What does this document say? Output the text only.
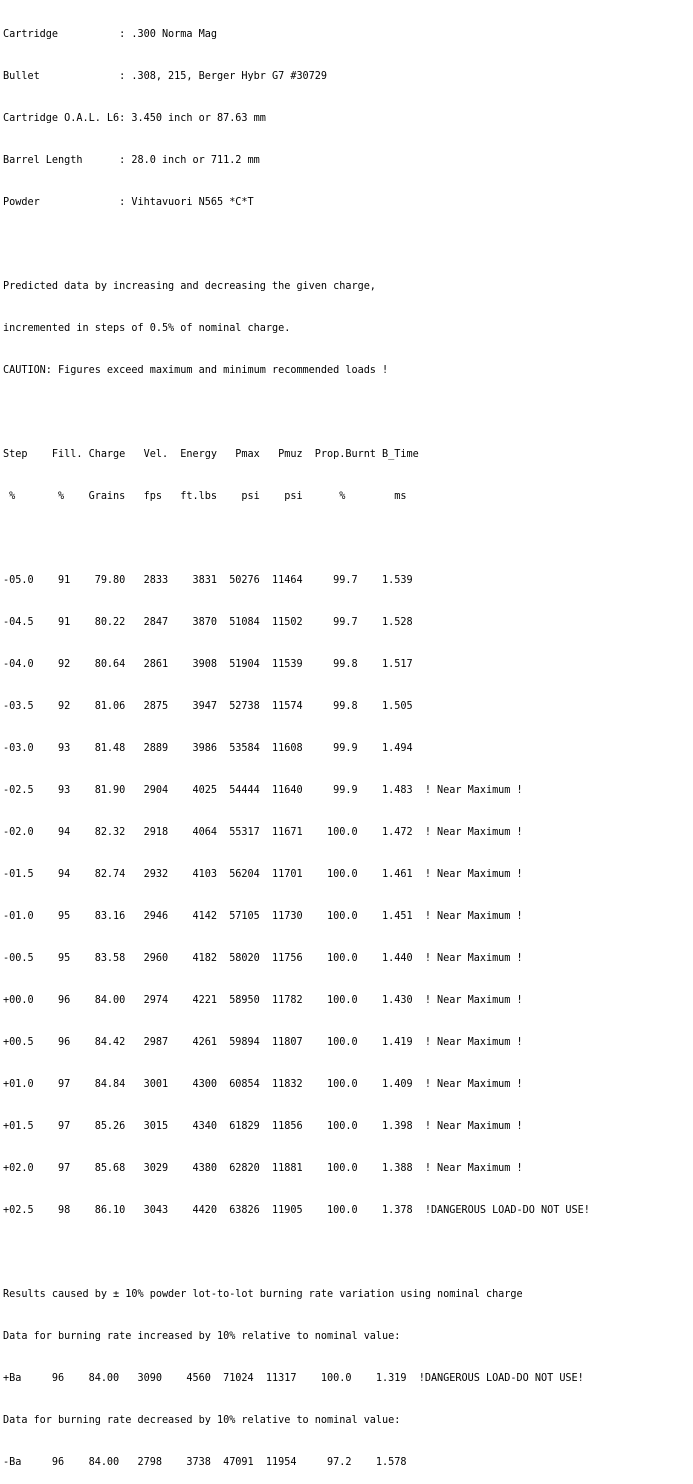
Cartridge          : .300 Norma Mag

Bullet             : .308, 215, Berger Hybr G7 #30729

Cartridge O.A.L. L6: 3.450 inch or 87.63 mm

Barrel Length      : 28.0 inch or 711.2 mm

Powder             : Vihtavuori N565 *C*T

Predicted data by increasing and decreasing the given charge,

incremented in steps of 0.5% of nominal charge.

CAUTION: Figures exceed maximum and minimum recommended loads !

Step    Fill. Charge   Vel.  Energy   Pmax   Pmuz  Prop.Burnt B_Time

%       %    Grains   fps   ft.lbs    psi    psi      %        ms

-05.0    91    79.80   2833    3831  50276  11464     99.7    1.539

-04.5    91    80.22   2847    3870  51084  11502     99.7    1.528

-04.0    92    80.64   2861    3908  51904  11539     99.8    1.517

-03.5    92    81.06   2875    3947  52738  11574     99.8    1.505

-03.0    93    81.48   2889    3986  53584  11608     99.9    1.494

-02.5    93    81.90   2904    4025  54444  11640     99.9    1.483  ! Near Maximum !

-02.0    94    82.32   2918    4064  55317  11671    100.0    1.472  ! Near Maximum !

-01.5    94    82.74   2932    4103  56204  11701    100.0    1.461  ! Near Maximum !

-01.0    95    83.16   2946    4142  57105  11730    100.0    1.451  ! Near Maximum !

-00.5    95    83.58   2960    4182  58020  11756    100.0    1.440  ! Near Maximum !

+00.0    96    84.00   2974    4221  58950  11782    100.0    1.430  ! Near Maximum !

+00.5    96    84.42   2987    4261  59894  11807    100.0    1.419  ! Near Maximum !

+01.0    97    84.84   3001    4300  60854  11832    100.0    1.409  ! Near Maximum !

+01.5    97    85.26   3015    4340  61829  11856    100.0    1.398  ! Near Maximum !

+02.0    97    85.68   3029    4380  62820  11881    100.0    1.388  ! Near Maximum !

+02.5    98    86.10   3043    4420  63826  11905    100.0    1.378  !DANGEROUS LOAD-DO NOT USE!

Results caused by ± 10% powder lot-to-lot burning rate variation using nominal charge

Data for burning rate increased by 10% relative to nominal value:

+Ba     96    84.00   3090    4560  71024  11317    100.0    1.319  !DANGEROUS LOAD-DO NOT USE!

Data for burning rate decreased by 10% relative to nominal value:

-Ba     96    84.00   2798    3738  47091  11954     97.2    1.578
